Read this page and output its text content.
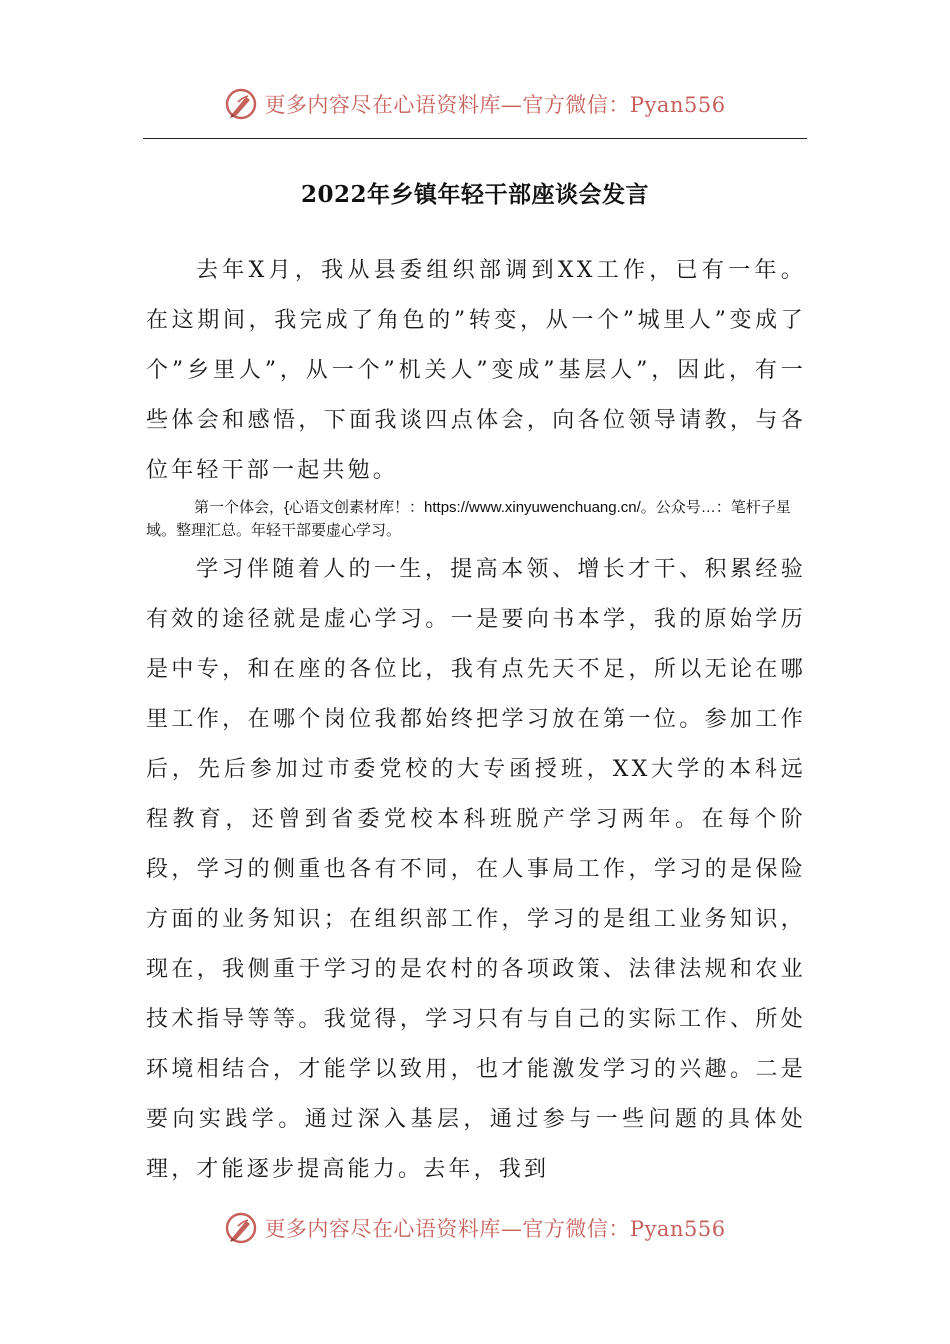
更多内容尽在心语资料库—官方微信：Pyan556
2022年乡镇年轻干部座谈会发言

去年X月，我从县委组织部调到XX工作，已有一年。在这期间，我完成了角色的”转变，从一个”城里人”变成了个”乡里人”，从一个”机关人”变成”基层人”，因此，有一些体会和感悟，下面我谈四点体会，向各位领导请教，与各位年轻干部一起共勉。

第一个体会，{心语文创素材库！：https://www.xinyuwenchuang.cn/。公众号…：笔杆子星域。整理汇总。年轻干部要虚心学习。

学习伴随着人的一生，提高本领、增长才干、积累经验有效的途径就是虚心学习。一是要向书本学，我的原始学历是中专，和在座的各位比，我有点先天不足，所以无论在哪里工作，在哪个岗位我都始终把学习放在第一位。参加工作后，先后参加过市委党校的大专函授班，XX大学的本科远程教育，还曾到省委党校本科班脱产学习两年。在每个阶段，学习的侧重也各有不同，在人事局工作，学习的是保险方面的业务知识；在组织部工作，学习的是组工业务知识，现在，我侧重于学习的是农村的各项政策、法律法规和农业技术指导等等。我觉得，学习只有与自己的实际工作、所处环境相结合，才能学以致用，也才能激发学习的兴趣。二是要向实践学。通过深入基层，通过参与一些问题的具体处理，才能逐步提高能力。去年，我到

更多内容尽在心语资料库—官方微信：Pyan556
